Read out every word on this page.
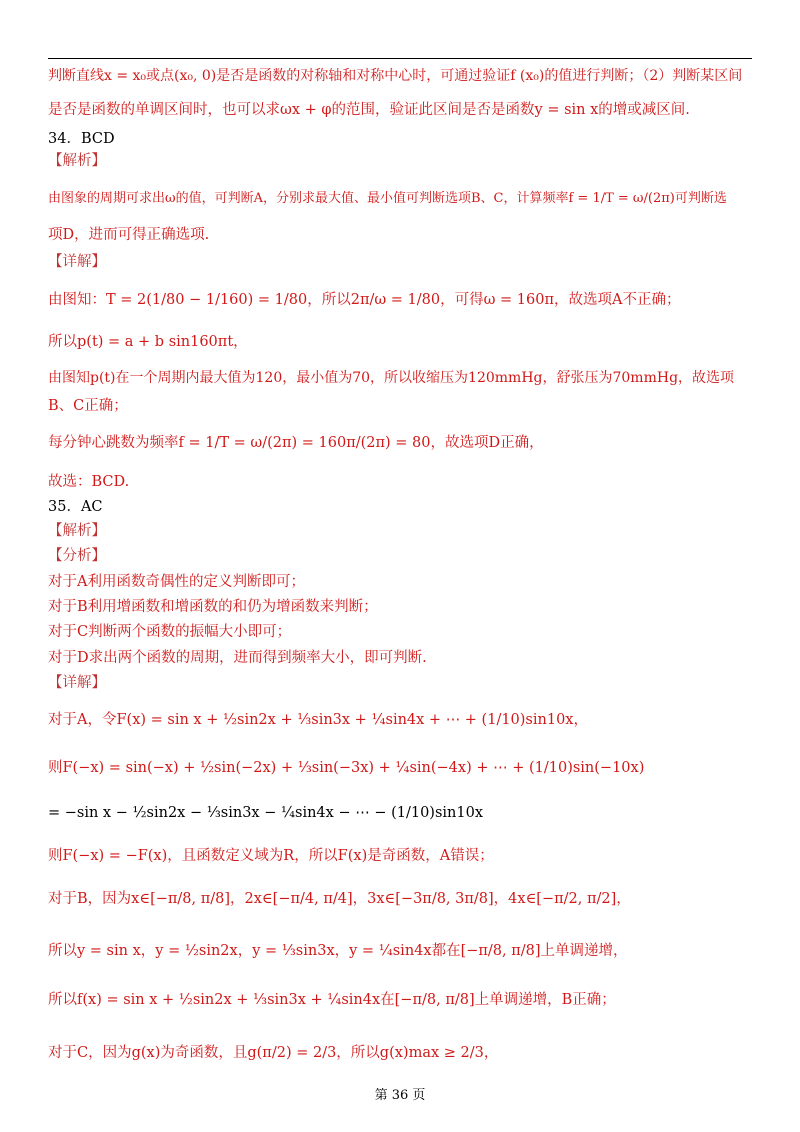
判断直线x = x₀或点(x₀, 0)是否是函数的对称轴和对称中心时，可通过验证f (x₀)的值进行判断；（2）判断某区间
是否是函数的单调区间时，也可以求ωx + φ的范围，验证此区间是否是函数y = sin x的增或减区间.
34．BCD
【解析】
由图象的周期可求出ω的值，可判断A，分别求最大值、最小值可判断选项B、C，计算频率f = 1/T = ω/(2π)可判断选
项D，进而可得正确选项.
【详解】
由图知：T = 2(1/80 − 1/160) = 1/80，所以2π/ω = 1/80，可得ω = 160π，故选项A不正确；
所以p(t) = a + b sin160πt，
由图知p(t)在一个周期内最大值为120，最小值为70，所以收缩压为120mmHg，舒张压为70mmHg，故选项
B、C正确；
每分钟心跳数为频率f = 1/T = ω/(2π) = 160π/(2π) = 80，故选项D正确，
故选：BCD.
35．AC
【解析】
【分析】
对于A利用函数奇偶性的定义判断即可；
对于B利用增函数和增函数的和仍为增函数来判断；
对于C判断两个函数的振幅大小即可；
对于D求出两个函数的周期，进而得到频率大小，即可判断.
【详解】
对于A，令F(x) = sin x + ½sin2x + ⅓sin3x + ¼sin4x + ⋯ + (1/10)sin10x，
则F(−x) = sin(−x) + ½sin(−2x) + ⅓sin(−3x) + ¼sin(−4x) + ⋯ + (1/10)sin(−10x)
= −sin x − ½sin2x − ⅓sin3x − ¼sin4x − ⋯ − (1/10)sin10x
则F(−x) = −F(x)，且函数定义域为R，所以F(x)是奇函数，A错误；
对于B，因为x∈[−π/8, π/8]，2x∈[−π/4, π/4]，3x∈[−3π/8, 3π/8]，4x∈[−π/2, π/2]，
所以y = sin x，y = ½sin2x，y = ⅓sin3x，y = ¼sin4x都在[−π/8, π/8]上单调递增，
所以f(x) = sin x + ½sin2x + ⅓sin3x + ¼sin4x在[−π/8, π/8]上单调递增，B正确；
对于C，因为g(x)为奇函数，且g(π/2) = 2/3，所以g(x)max ≥ 2/3，
第 36 页
